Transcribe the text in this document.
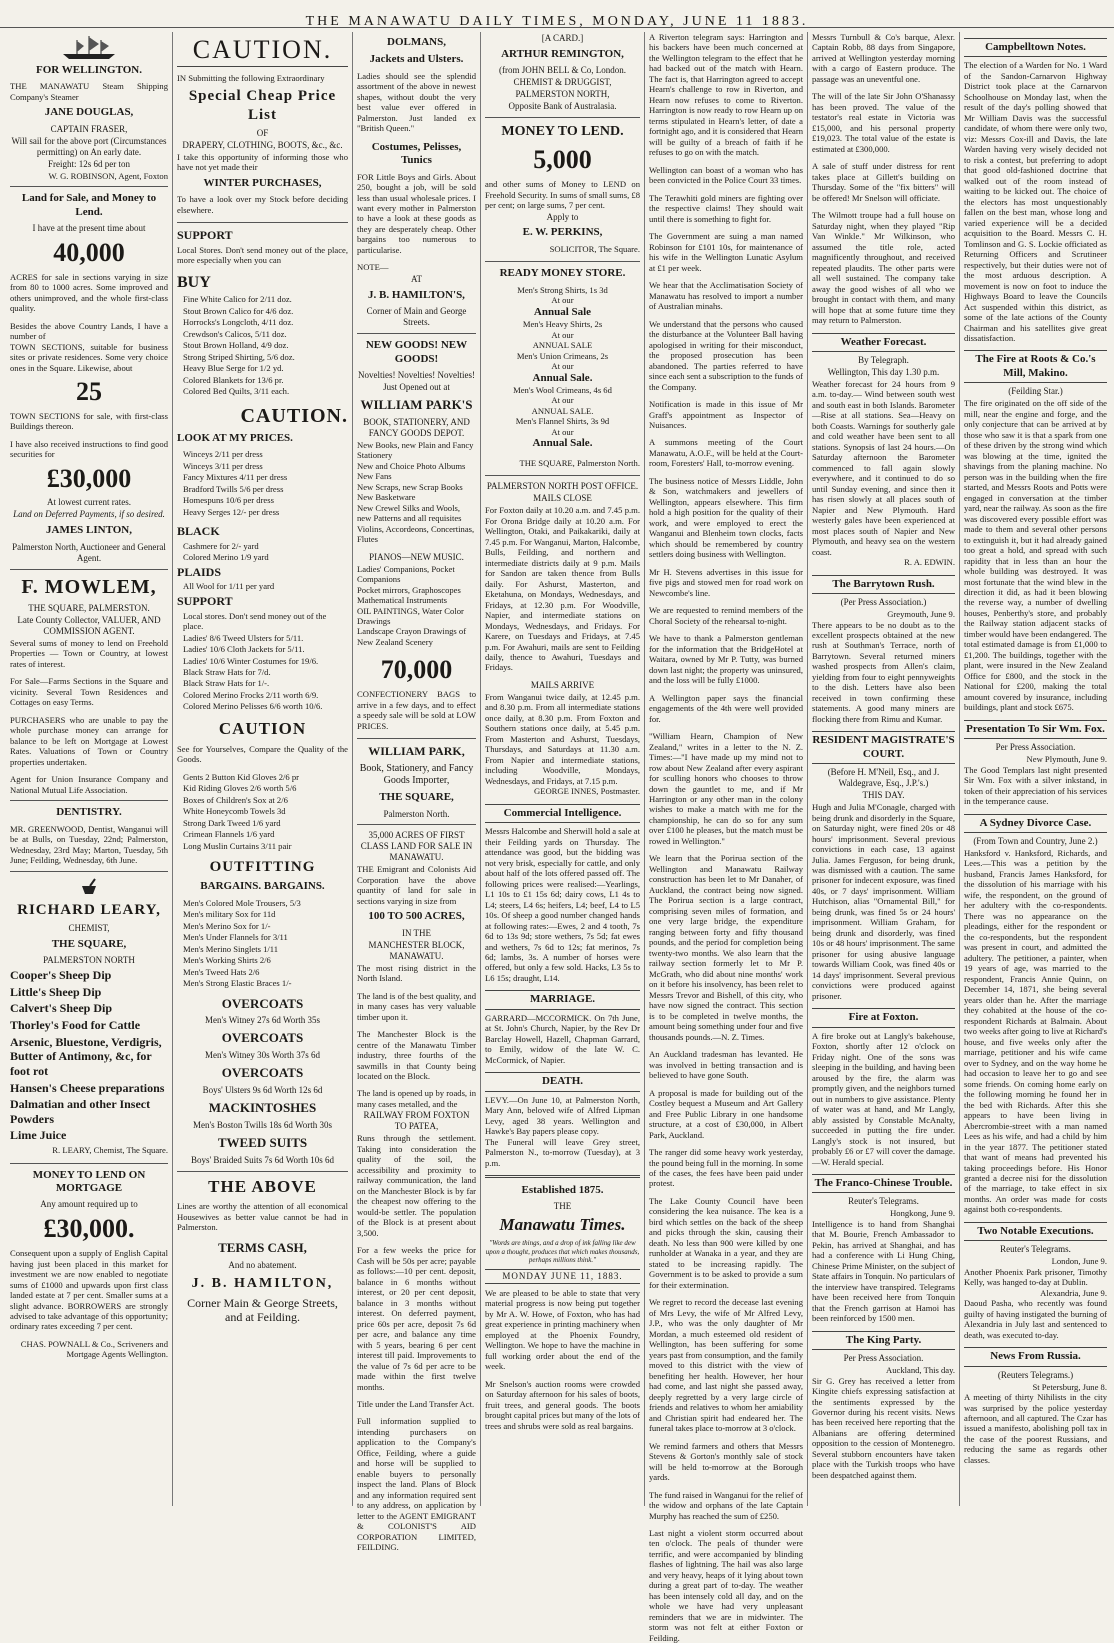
THE MANAWATU DAILY TIMES, MONDAY, JUNE 11 1883.
FOR WELLINGTON.
THE MANAWATU Steam Shipping Company's Steamer
JANE DOUGLAS,
CAPTAIN FRASER,
Will sail for the above port (Circumstances permitting) on An early date.
Freight: 12s 6d per ton
W. G. ROBINSON, Agent, Foxton
Land for Sale, and Money to Lend.
I have at the present time about
40,000
ACRES for sale in sections varying in size from 80 to 1000 acres. Some improved and others unimproved, and the whole first-class quality.
Besides the above Country Lands, I have a number of
TOWN SECTIONS, suitable for business sites or private residences. Some very choice ones in the Square. Likewise, about
25
TOWN SECTIONS for sale, with first-class Buildings thereon.
I have also received instructions to find good securities for
£30,000
At lowest current rates.
Land on Deferred Payments, if so desired.
JAMES LINTON,
Palmerston North, Auctioneer and General Agent.
F. MOWLEM,
THE SQUARE, PALMERSTON.
Late County Collector, VALUER, AND COMMISSION AGENT.
Several sums of money to lend on Freehold Properties — Town or Country, at lowest rates of interest.
For Sale—Farms Sections in the Square and vicinity. Several Town Residences and Cottages on easy Terms.
PURCHASERS who are unable to pay the whole purchase money can arrange for balance to be left on Mortgage at Lowest Rates. Valuations of Town or Country properties undertaken.
Agent for Union Insurance Company and National Mutual Life Association.
DENTISTRY.
MR. GREENWOOD, Dentist, Wanganui will be at Bulls, on Tuesday, 22nd; Palmerston, Wednesday, 23rd May; Marton, Tuesday, 5th June; Feilding, Wednesday, 6th June.
RICHARD LEARY,
CHEMIST,
THE SQUARE,
PALMERSTON NORTH
Cooper's Sheep Dip
Little's Sheep Dip
Calvert's Sheep Dip
Thorley's Food for Cattle
Arsenic, Bluestone, Verdigris, Butter of Antimony, &c, for foot rot
Hansen's Cheese preparations
Dalmatian and other Insect Powders
Lime Juice
R. LEARY, Chemist, The Square.
MONEY TO LEND ON MORTGAGE
Any amount required up to
£30,000.
Consequent upon a supply of English Capital having just been placed in this market for investment we are now enabled to negotiate sums of £1000 and upwards upon first class landed estate at 7 per cent. Smaller sums at a slight advance. BORROWERS are strongly advised to take advantage of this opportunity; ordinary rates exceeding 7 per cent.
CHAS. POWNALL & Co., Scriveners and Mortgage Agents Wellington.
CAUTION.
IN Submitting the following Extraordinary
Special Cheap Price List
OF
DRAPERY, CLOTHING, BOOTS, &c., &c.
I take this opportunity of informing those who have not yet made their
WINTER PURCHASES,
To have a look over my Stock before deciding elsewhere.
SUPPORT
Local Stores. Don't send money out of the place, more especially when you can
BUY
Fine White Calico for 2/11 doz.
Stout Brown Calico for 4/6 doz.
Horrocks's Longcloth, 4/11 doz.
Crewdson's Calicos, 5/11 doz.
Stout Brown Holland, 4/9 doz.
Strong Striped Shirting, 5/6 doz.
Heavy Blue Serge for 1/2 yd.
Colored Blankets for 13/6 pr.
Colored Bed Quilts, 3/11 each.
CAUTION.
LOOK AT MY PRICES.
Winceys 2/11 per dress
Winceys 3/11 per dress
Fancy Mixtures 4/11 per dress
Bradford Twills 5/6 per dress
Homespuns 10/6 per dress
Heavy Serges 12/- per dress
BLACK
Cashmere for 2/- yard
Colored Merino 1/9 yard
PLAIDS
All Wool for 1/11 per yard
SUPPORT
Local stores. Don't send money out of the place.
Ladies' 8/6 Tweed Ulsters for 5/11.
Ladies' 10/6 Cloth Jackets for 5/11.
Ladies' 10/6 Winter Costumes for 19/6.
Black Straw Hats for 7/d.
Black Straw Hats for 1/-.
Colored Merino Frocks 2/11 worth 6/9.
Colored Merino Pelisses 6/6 worth 10/6.
CAUTION
See for Yourselves, Compare the Quality of the Goods.
Gents 2 Button Kid Gloves 2/6 pr
Kid Riding Gloves 2/6 worth 5/6
Boxes of Children's Sox at 2/6
White Honeycomb Towels 3d
Strong Dark Tweed 1/6 yard
Crimean Flannels 1/6 yard
Long Muslin Curtains 3/11 pair
OUTFITTING
BARGAINS. BARGAINS.
Men's Colored Mole Trousers, 5/3
Men's military Sox for 11d
Men's Merino Sox for 1/-
Men's Under Flannels for 3/11
Men's Merino Singlets 1/11
Men's Working Shirts 2/6
Men's Tweed Hats 2/6
Men's Strong Elastic Braces 1/-
OVERCOATS
Men's Witney 27s 6d Worth 35s
OVERCOATS
Men's Witney 30s Worth 37s 6d
OVERCOATS
Boys' Ulsters 9s 6d Worth 12s 6d
MACKINTOSHES
Men's Boston Twills 18s 6d Worth 30s
TWEED SUITS
Boys' Braided Suits 7s 6d Worth 10s 6d
THE ABOVE
Lines are worthy the attention of all economical Housewives as better value cannot be had in Palmerston.
TERMS CASH,
And no abatement.
J. B. HAMILTON,
Corner Main & George Streets, and at Feilding.
DOLMANS,
Jackets and Ulsters.
Ladies should see the splendid assortment of the above in newest shapes, without doubt the very best value ever offered in Palmerston. Just landed ex "British Queen."
Costumes, Pelisses, Tunics
FOR Little Boys and Girls. About 250, bought a job, will be sold less than usual wholesale prices. I want every mother in Palmerston to have a look at these goods as they are desperately cheap. Other bargains too numerous to particularise.
NOTE—
AT
J. B. HAMILTON'S,
Corner of Main and George Streets.
NEW GOODS! NEW GOODS!
Novelties! Novelties! Novelties!
Just Opened out at
WILLIAM PARK'S
BOOK, STATIONERY, AND FANCY GOODS DEPOT.
New Books, new Plain and Fancy Stationery
New and Choice Photo Albums
New Fans
New Scraps, new Scrap Books
New Basketware
New Crewel Silks and Wools, new Patterns and all requisites
Violins, Accordeons, Concertinas, Flutes
PIANOS—NEW MUSIC.
Ladies' Companions, Pocket Companions
Pocket mirrors, Graphoscopes
Mathematical Instruments
OIL PAINTINGS, Water Color Drawings
Landscape Crayon Drawings of New Zealand Scenery
70,000
CONFECTIONERY BAGS to arrive in a few days, and to effect a speedy sale will be sold at LOW PRICES.
WILLIAM PARK,
Book, Stationery, and Fancy Goods Importer,
THE SQUARE,
Palmerston North.
35,000 ACRES OF FIRST CLASS LAND FOR SALE IN MANAWATU.
THE Emigrant and Colonists Aid Corporation have the above quantity of land for sale in sections varying in size from
100 TO 500 ACRES,
IN THE
MANCHESTER BLOCK, MANAWATU.
The most rising district in the North Island.
The land is of the best quality, and in many cases has very valuable timber upon it.
The Manchester Block is the centre of the Manawatu Timber industry, three fourths of the sawmills in that County being located on the Block.
The land is opened up by roads, in many cases metalled, and the
RAILWAY FROM FOXTON TO PATEA,
Runs through the settlement. Taking into consideration the quality of the soil, the accessibility and proximity to railway communication, the land on the Manchester Block is by far the cheapest now offering to the would-be settler. The population of the Block is at present about 3,500.
For a few weeks the price for Cash will be 50s per acre; payable as follows:—10 per cent. deposit, balance in 6 months without interest, or 20 per cent deposit, balance in 3 months without interest. On deferred payment, price 60s per acre, deposit 7s 6d per acre, and balance any time with 5 years, bearing 6 per cent interest till paid. Improvements to the value of 7s 6d per acre to be made within the first twelve months.
Title under the Land Transfer Act.
Full information supplied to intending purchasers on application to the Company's Office, Feilding, where a guide and horse will be supplied to enable buyers to personally inspect the land. Plans of Block and any information required sent to any address, on application by letter to the AGENT EMIGRANT & COLONIST'S AID CORPORATION LIMITED, FEILDING.
[A CARD.]
ARTHUR REMINGTON,
(from JOHN BELL & Co, London.
CHEMIST & DRUGGIST,
PALMERSTON NORTH,
Opposite Bank of Australasia.
MONEY TO LEND.
5,000
and other sums of Money to LEND on Freehold Security. In sums of small sums, £8 per cent; on large sums, 7 per cent.
Apply to
E. W. PERKINS,
SOLICITOR, The Square.
READY MONEY STORE.
Men's Strong Shirts, 1s 3d
At our
Annual Sale
Men's Heavy Shirts, 2s
At our
ANNUAL SALE
Men's Union Crimeans, 2s
At our
Annual Sale.
Men's Wool Crimeans, 4s 6d
At our
ANNUAL SALE.
Men's Flannel Shirts, 3s 9d
At our
Annual Sale.
THE SQUARE, Palmerston North.
PALMERSTON NORTH POST OFFICE.
MAILS CLOSE
For Foxton daily at 10.20 a.m. and 7.45 p.m. For Orona Bridge daily at 10.20 a.m. For Wellington, Otaki, and Paikakariki, daily at 7.45 p.m. For Wanganui, Marton, Halcombe, Bulls, Feilding, and northern and intermediate districts daily at 9 p.m. Mails for Sandon are taken thence from Bulls daily. For Ashurst, Masterton, and Eketahuna, on Mondays, Wednesdays, and Fridays, at 12.30 p.m. For Woodville, Napier, and intermediate stations on Mondays, Wednesdays, and Fridays. For Karere, on Tuesdays and Fridays, at 7.45 p.m. For Awahuri, mails are sent to Feilding daily, thence to Awahuri, Tuesdays and Fridays.
MAILS ARRIVE
From Wanganui twice daily, at 12.45 p.m. and 8.30 p.m. From all intermediate stations once daily, at 8.30 p.m. From Foxton and Southern stations once daily, at 5.45 p.m. From Masterton and Ashurst, Tuesdays, Thursdays, and Saturdays at 11.30 a.m. From Napier and intermediate stations, including Woodville, Mondays, Wednesdays, and Fridays, at 7.15 p.m.
GEORGE INNES, Postmaster.
Commercial Intelligence.
Messrs Halcombe and Sherwill hold a sale at their Feilding yards on Thursday. The attendance was good, but the bidding was not very brisk, especially for cattle, and only about half of the lots offered passed off. The following prices were realised:—Yearlings, L1 10s to £1 15s 6d; dairy cows, L1 4s to L4; steers, L4 6s; heifers, L4; beef, L4 to L5 10s. Of sheep a good number changed hands at following rates:—Ewes, 2 and 4 tooth, 7s 6d to 13s 9d; store wethers, 7s 5d; fat ewes and wethers, 7s 6d to 12s; fat merinos, 7s 6d; lambs, 3s. A number of horses were offered, but only a few sold. Hacks, L3 5s to L6 15s; draught, L14.
MARRIAGE.
GARRARD—MCCORMICK. On 7th June, at St. John's Church, Napier, by the Rev Dr Barclay Howell, Hazell, Chapman Garrard, to Emily, widow of the late W. C. McCormick, of Napier.
DEATH.
LEVY.—On June 10, at Palmerston North, Mary Ann, beloved wife of Alfred Lipman Levy, aged 38 years. Wellington and Hawke's Bay papers please copy.
The Funeral will leave Grey street, Palmerston N., to-morrow (Tuesday), at 3 p.m.
Established 1875.
THE
Manawatu Times.
"Words are things, and a drop of ink falling like dew upon a thought, produces that which makes thousands, perhaps millions think."
MONDAY JUNE 11, 1883.
We are pleased to be able to state that very material progress is now being put together by Mr A. W. Howe, of Foxton, who has had great experience in printing machinery when employed at the Phoenix Foundry, Wellington. We hope to have the machine in full working order about the end of the week.
Mr Snelson's auction rooms were crowded on Saturday afternoon for his sales of boots, fruit trees, and general goods. The boots brought capital prices but many of the lots of trees and shrubs were sold as real bargains.
A Riverton telegram says: Harrington and his backers have been much concerned at the Wellington telegram to the effect that he had backed out of the match with Hearn. The fact is, that Harrington agreed to accept Hearn's challenge to row in Riverton, and Hearn now refuses to come to Riverton. Harrington is now ready to row Hearn up on terms stipulated in Hearn's letter, of date a fortnight ago, and it is considered that Hearn will be guilty of a breach of faith if he refuses to go on with the match.
Wellington can boast of a woman who has been convicted in the Police Court 33 times.
The Terawhiti gold miners are fighting over the respective claims! They should wait until there is something to fight for.
The Government are suing a man named Robinson for £101 10s, for maintenance of his wife in the Wellington Lunatic Asylum at £1 per week.
We hear that the Acclimatisation Society of Manawatu has resolved to import a number of Australian minahs.
We understand that the persons who caused the disturbance at the Volunteer Ball having apologised in writing for their misconduct, the proposed prosecution has been abandoned. The parties referred to have since each sent a subscription to the funds of the Company.
Notification is made in this issue of Mr Graff's appointment as Inspector of Nuisances.
A summons meeting of the Court Manawatu, A.O.F., will be held at the Court-room, Foresters' Hall, to-morrow evening.
The business notice of Messrs Liddle, John & Son, watchmakers and jewellers of Wellington, appears elsewhere. This firm hold a high position for the quality of their work, and were employed to erect the Wanganui and Blenheim town clocks, facts which should be remembered by country settlers doing business with Wellington.
Mr H. Stevens advertises in this issue for five pigs and stowed men for road work on Newcombe's line.
We are requested to remind members of the Choral Society of the rehearsal to-night.
We have to thank a Palmerston gentleman for the information that the BridgeHotel at Waitara, owned by Mr P. Tutty, was burned down last night; the property was uninsured, and the loss will be fully £1000.
A Wellington paper says the financial engagements of the 4th were well provided for.
"William Hearn, Champion of New Zealand," writes in a letter to the N. Z. Times:—"I have made up my mind not to row about New Zealand after every aspirant for sculling honors who chooses to throw down the gauntlet to me, and if Mr Harrington or any other man in the colony wishes to make a match with me for the championship, he can do so for any sum over £100 he pleases, but the match must be rowed in Wellington."
We learn that the Porirua section of the Wellington and Manawatu Railway construction has been let to Mr Danaher, of Auckland, the contract being now signed. The Porirua section is a large contract, comprising seven miles of formation, and one very large bridge, the expenditure ranging between forty and fifty thousand pounds, and the period for completion being twenty-two months. We also learn that the railway section formerly let to Mr P. McGrath, who did about nine months' work on it before his insolvency, has been relet to Messrs Trevor and Bishell, of this city, who have now signed the contract. This section is to be completed in twelve months, the amount being something under four and five thousands pounds.—N. Z. Times.
An Auckland tradesman has levanted. He was involved in betting transaction and is believed to have gone South.
A proposal is made for building out of the Costley bequest a Museum and Art Gallery and Free Public Library in one handsome structure, at a cost of £30,000, in Albert Park, Auckland.
The ranger did some heavy work yesterday, the pound being full in the morning. In some of the cases, the fees have been paid under protest.
The Lake County Council have been considering the kea nuisance. The kea is a bird which settles on the back of the sheep and picks through the skin, causing their death. No less than 900 were killed by one runholder at Wanaka in a year, and they are stated to be increasing rapidly. The Government is to be asked to provide a sum for their extermination.
We regret to record the decease last evening of Mrs Levy, the wife of Mr Alfred Levy, J.P., who was the only daughter of Mr Mordan, a much esteemed old resident of Wellington, has been suffering for some years past from consumption, and the family moved to this district with the view of benefiting her health. However, her hour had come, and last night she passed away, deeply regretted by a very large circle of friends and relatives to whom her amiability and Christian spirit had endeared her. The funeral takes place to-morrow at 3 o'clock.
We remind farmers and others that Messrs Stevens & Gorton's monthly sale of stock will be held to-morrow at the Borough yards.
The fund raised in Wanganui for the relief of the widow and orphans of the late Captain Murphy has reached the sum of £250.
Last night a violent storm occurred about ten o'clock. The peals of thunder were terrific, and were accompanied by blinding flashes of lightning. The hail was also large and very heavy, heaps of it lying about town during a great part of to-day. The weather has been intensely cold all day, and on the whole we have had very unpleasant reminders that we are in midwinter. The storm was not felt at either Foxton or Feilding.
Messrs Turnbull & Co's barque, Alexr. Captain Robb, 88 days from Singapore, arrived at Wellington yesterday morning with a cargo of Eastern produce. The passage was an uneventful one.
The will of the late Sir John O'Shanassy has been proved. The value of the testator's real estate in Victoria was £15,000, and his personal property £19,023. The total value of the estate is estimated at £300,000.
A sale of stuff under distress for rent takes place at Gillett's building on Thursday. Some of the "fix bitters" will be offered! Mr Snelson will officiate.
The Wilmott troupe had a full house on Saturday night, when they played "Rip Van Winkle." Mr Wilkinson, who assumed the title role, acted magnificently throughout, and received repeated plaudits. The other parts were all well sustained. The company take away the good wishes of all who we brought in contact with them, and many will hope that at some future time they may return to Palmerston.
Weather Forecast.
By Telegraph.
Wellington, This day 1.30 p.m.
Weather forecast for 24 hours from 9 a.m. to-day.— Wind between south west and south east in both Islands. Barometer—Rise at all stations. Sea—Heavy on both Coasts. Warnings for southerly gale and cold weather have been sent to all stations. Synopsis of last 24 hours.—On Saturday afternoon the Barometer commenced to fall again slowly everywhere, and it continued to do so until Sunday evening, and since then it has risen slowly at all places south of Napier and New Plymouth. Hard westerly gales have been experienced at most places south of Napier and New Plymouth, and heavy sea on the western coast.
R. A. EDWIN.
The Barrytown Rush.
(Per Press Association.)
Greymouth, June 9.
There appears to be no doubt as to the excellent prospects obtained at the new rush at Southman's Terrace, north of Barrytown. Several returned miners washed prospects from Allen's claim, yielding from four to eight pennyweights to the dish. Letters have also been received in town confirming these statements. A good many miners are flocking there from Rimu and Kumar.
RESIDENT MAGISTRATE'S COURT.
(Before H. M'Neil, Esq., and J. Waldegrave, Esq., J.P.'s.)
THIS DAY.
Hugh and Julia M'Conagle, charged with being drunk and disorderly in the Square, on Saturday night, were fined 20s or 48 hours' imprisonment. Several previous convictions in each case, 13 against Julia. James Ferguson, for being drunk, was dismissed with a caution. The same prisoner for indecent exposure, was fined 40s, or 7 days' imprisonment. William Hutchison, alias "Ornamental Bill," for being drunk, was fined 5s or 24 hours' imprisonment. William Graham, for being drunk and disorderly, was fined 10s or 48 hours' imprisonment. The same prisoner for using abusive language towards William Cook, was fined 40s or 14 days' imprisonment. Several previous convictions were produced against prisoner.
Fire at Foxton.
A fire broke out at Langly's bakehouse, Foxton, shortly after 12 o'clock on Friday night. One of the sons was sleeping in the building, and having been aroused by the fire, the alarm was promptly given, and the neighbors turned out in numbers to give assistance. Plenty of water was at hand, and Mr Langly, ably assisted by Constable McAnalty, succeeded in putting the fire under. Langly's stock is not insured, but probably £6 or £7 will cover the damage.—W. Herald special.
The Franco-Chinese Trouble.
Reuter's Telegrams.
Hongkong, June 9.
Intelligence is to hand from Shanghai that M. Bourie, French Ambassador to Pekin, has arrived at Shanghai, and has had a conference with Li Hung Ching, Chinese Prime Minister, on the subject of State affairs in Tonquin. No particulars of the interview have transpired. Telegrams have been received here from Tonquin that the French garrison at Hamoi has been reinforced by 1500 men.
The King Party.
Per Press Association.
Auckland, This day.
Sir G. Grey has received a letter from Kingite chiefs expressing satisfaction at the sentiments expressed by the Governor during his recent visits. News has been received here reporting that the Albanians are offering determined opposition to the cession of Montenegro. Several stubborn encounters have taken place with the Turkish troops who have been despatched against them.
Campbelltown Notes.
The election of a Warden for No. 1 Ward of the Sandon-Carnarvon Highway District took place at the Carnarvon Schoolhouse on Monday last, when the result of the day's polling showed that Mr William Davis was the successful candidate, of whom there were only two, viz: Messrs Cox-ill and Davis, the late Warden having very wisely decided not to risk a contest, but preferring to adopt that good old-fashioned doctrine that walked out of the room instead of waiting to be kicked out. The choice of the electors has most unquestionably fallen on the best man, whose long and varied experience will be a decided acquisition to the Board. Messrs C. H. Tomlinson and G. S. Lockie officiated as Returning Officers and Scrutineer respectively, but their duties were not of the most arduous description. A movement is now on foot to induce the Highways Board to leave the Councils Act suspended within this district, as some of the late actions of the County Chairman and his satellites give great dissatisfaction.
The Fire at Roots & Co.'s Mill, Makino.
(Feilding Star.)
The fire originated on the off side of the mill, near the engine and forge, and the only conjecture that can be arrived at by those who saw it is that a spark from one of these driven by the strong wind which was blowing at the time, ignited the shavings from the planing machine. No person was in the building when the fire started, and Messrs Roots and Potts were engaged in conversation at the timber yard, near the railway. As soon as the fire was discovered every possible effort was made to them and several other persons to extinguish it, but it had already gained too great a hold, and spread with such rapidity that in less than an hour the whole building was destroyed. It was most fortunate that the wind blew in the direction it did, as had it been blowing the reverse way, a number of dwelling houses, Penberthy's store, and probably the Railway station adjacent stacks of timber would have been endangered. The total estimated damage is from £1,000 to £1,200. The buildings, together with the plant, were insured in the New Zealand Office for £800, and the stock in the National for £200, making the total amount covered by insurance, including buildings, plant and stock £675.
Presentation To Sir Wm. Fox.
Per Press Association.
New Plymouth, June 9.
The Good Templars last night presented Sir Wm. Fox with a silver inkstand, in token of their appreciation of his services in the temperance cause.
A Sydney Divorce Case.
(From Town and Country, June 2.)
Hanksford v. Hanksford, Richards, and Lees.—This was a petition by the husband, Francis James Hanksford, for the dissolution of his marriage with his wife, the respondent, on the ground of her adultery with the co-respondents. There was no appearance on the pleadings, either for the respondent or the co-respondents, but the respondent was present in court, and admitted the adultery. The petitioner, a painter, when 19 years of age, was married to the respondent, Francis Annie Quinn, on December 14, 1871, she being several years older than he. After the marriage they cohabited at the house of the co-respondent Richards at Balmain. About two weeks after going to live at Richard's house, and five weeks only after the marriage, petitioner and his wife came over to Sydney, and on the way home he had occasion to leave her to go and see some friends. On coming home early on the following morning he found her in the bed with Richards. After this she appears to have been living in Abercrombie-street with a man named Lees as his wife, and had a child by him in the year 1877. The petitioner stated that want of means had prevented his taking proceedings before. His Honor granted a decree nisi for the dissolution of the marriage, to take effect in six months. An order was made for costs against both co-respondents.
Two Notable Executions.
Reuter's Telegrams.
London, June 9.
Another Phoenix Park prisoner, Timothy Kelly, was hanged to-day at Dublin.
Alexandria, June 9.
Daoud Pasha, who recently was found guilty of having instigated the burning of Alexandria in July last and sentenced to death, was executed to-day.
News From Russia.
(Reuters Telegrams.)
St Petersburg, June 8.
A meeting of thirty Nihilists in the city was surprised by the police yesterday afternoon, and all captured. The Czar has issued a manifesto, abolishing poll tax in the case of the poorest Russians, and reducing the same as regards other classes.
